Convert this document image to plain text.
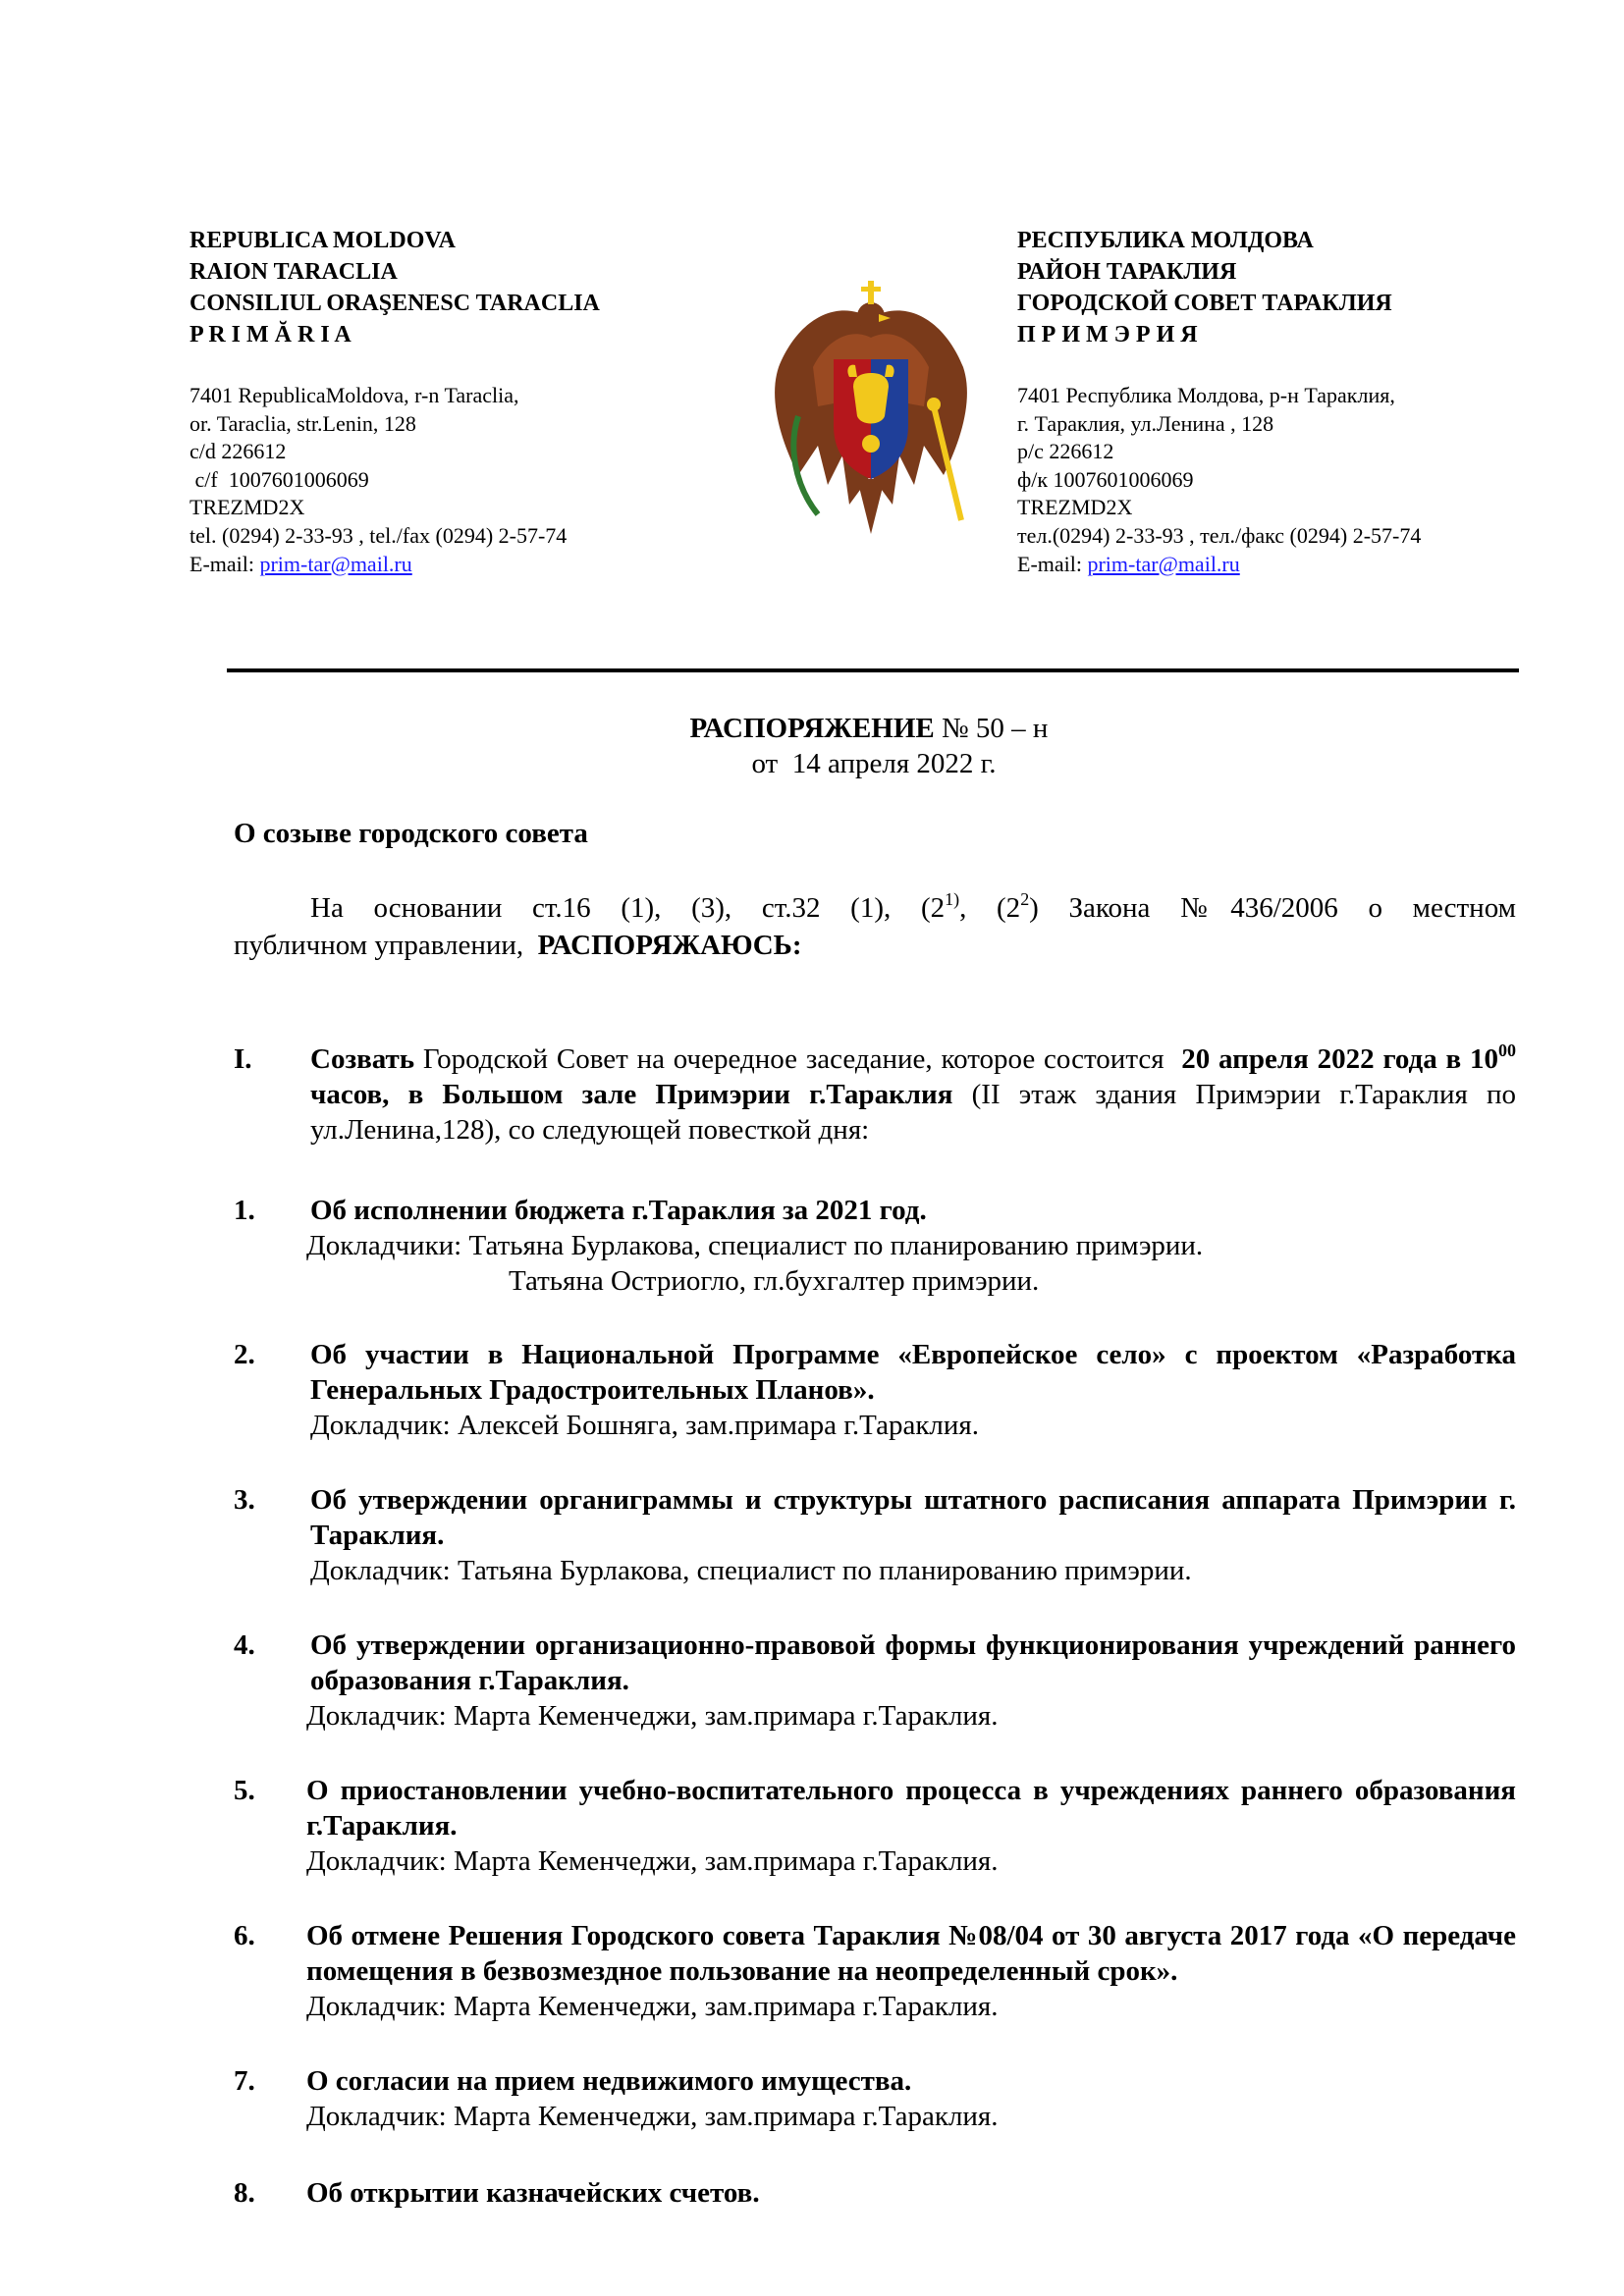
REPUBLICA MOLDOVA
RAION TARACLIA
CONSILIUL ORAŞENESC TARACLIA
P R I M Ă R I A
7401 RepublicaMoldova, r-n Taraclia,
or. Taraclia, str.Lenin, 128
c/d 226612
c/f  1007601006069
TREZMD2X
tel. (0294) 2-33-93 , tel./fax (0294) 2-57-74
E-mail: prim-tar@mail.ru
РЕСПУБЛИКА МОЛДОВА
РАЙОН ТАРАКЛИЯ
ГОРОДСКОЙ СОВЕТ ТАРАКЛИЯ
П Р И М Э Р И Я
7401 Республика Молдова, р-н Тараклия,
г. Тараклия, ул.Ленина , 128
р/с 226612
ф/к 1007601006069
TREZMD2X
тел.(0294) 2-33-93 , тел./факс (0294) 2-57-74
E-mail: prim-tar@mail.ru
РАСПОРЯЖЕНИЕ № 50 – н
от  14 апреля 2022 г.
О созыве городского совета

На основании ст.16 (1), (3), ст.32 (1), (2$^{1)}$, $(2^2)$ Закона №436/2006 о местном

публичном управлении,  РАСПОРЯЖАЮСЬ:

I. Созвать Городской Совет на очередное заседание, которое состоится  20 апреля 2022 года в $10^{00}$ часов, в Большом зале Примэрии г.Тараклия (II этаж здания Примэрии г.Тараклия по ул.Ленина,128), со следующей повесткой дня:
1. Об исполнении бюджета г.Тараклия за 2021 год.
Докладчики: Татьяна Бурлакова, специалист по планированию примэрии.
Татьяна Остриогло, гл.бухгалтер примэрии.
2. Об участии в Национальной Программе «Европейское село» с проектом «Разработка Генеральных Градостроительных Планов».
Докладчик: Алексей Бошняга, зам.примара г.Тараклия.
3. Об утверждении органиграммы и структуры штатного расписания аппарата Примэрии г. Тараклия.
Докладчик: Татьяна Бурлакова, специалист по планированию примэрии.
4. Об утверждении организационно-правовой формы функционирования учреждений раннего образования г.Тараклия.
Докладчик: Марта Кеменчеджи, зам.примара г.Тараклия.
5. О приостановлении учебно-воспитательного процесса в учреждениях раннего образования г.Тараклия.
Докладчик: Марта Кеменчеджи, зам.примара г.Тараклия.
6. Об отмене Решения Городского совета Тараклия №08/04 от 30 августа 2017 года «О передаче помещения в безвозмездное пользование на неопределенный срок».
Докладчик: Марта Кеменчеджи, зам.примара г.Тараклия.
7. О согласии на прием недвижимого имущества.
Докладчик: Марта Кеменчеджи, зам.примара г.Тараклия.
8. Об открытии казначейских счетов.
